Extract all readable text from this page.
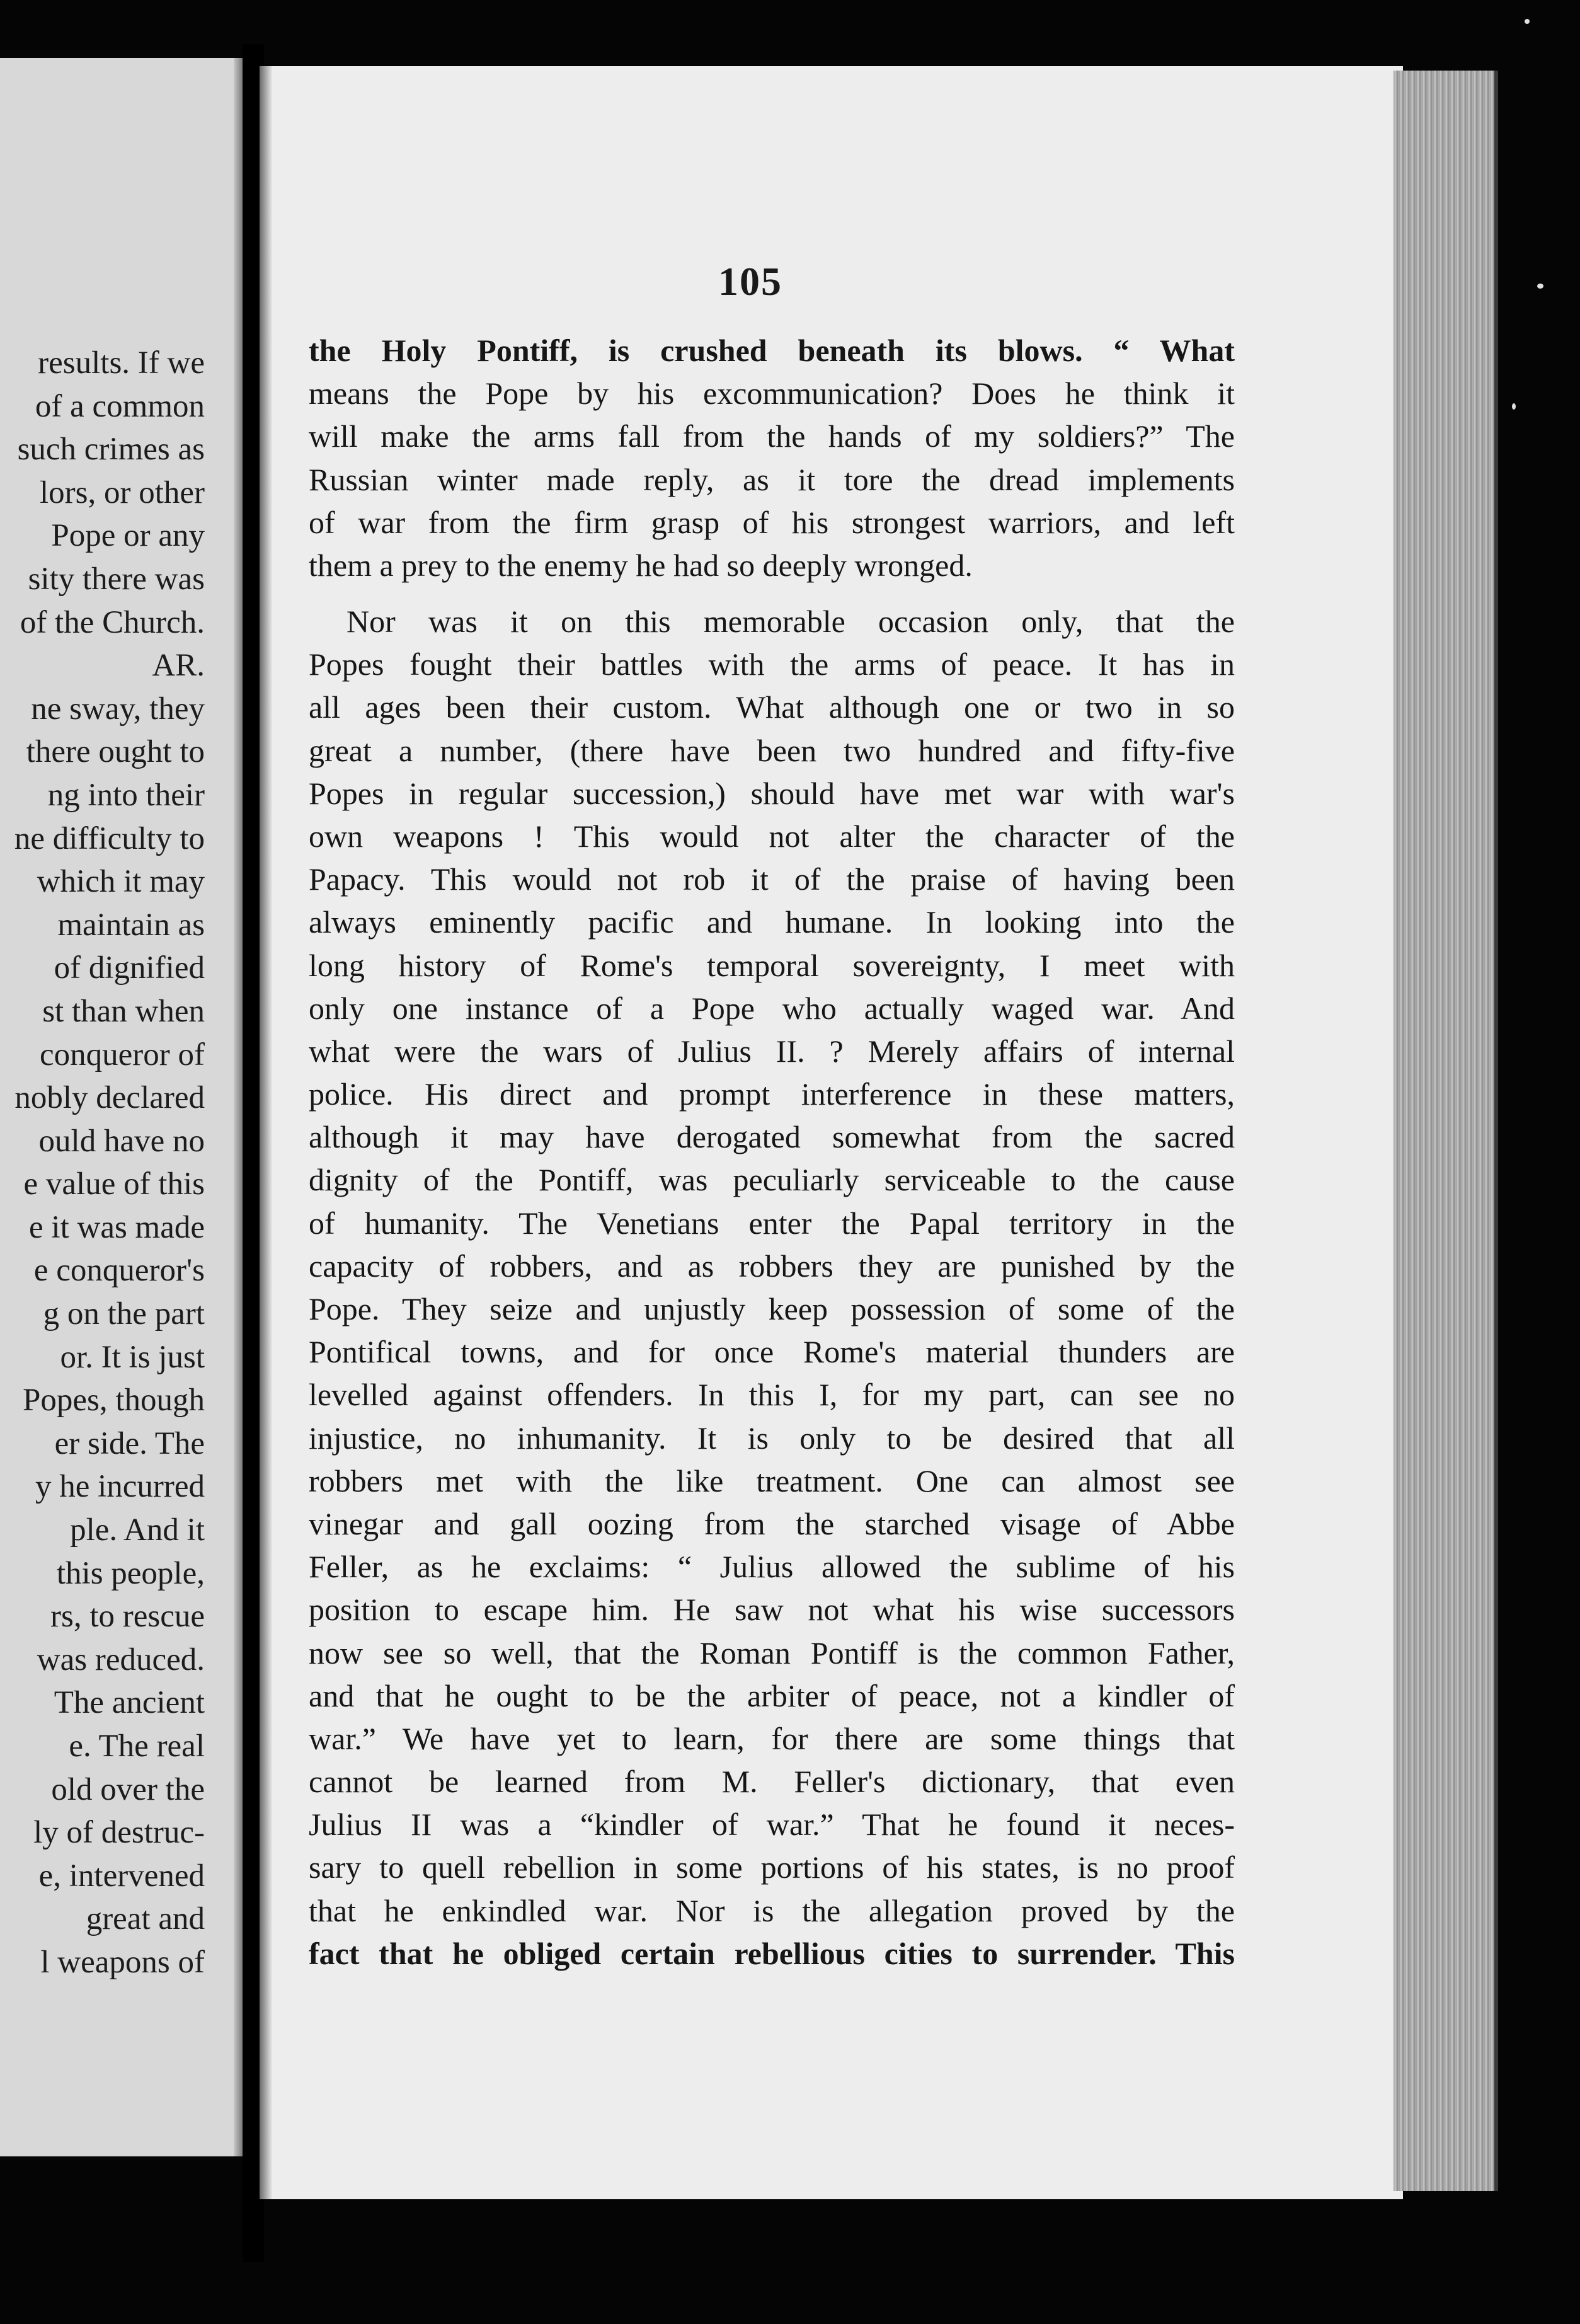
results. If we
of a common
such crimes as
lors, or other
Pope or any
sity there was
of the Church.
AR.
ne sway, they
there ought to
ng into their
ne difficulty to
which it may
maintain as
of dignified
st than when
conqueror of
nobly declared
ould have no
e value of this
e it was made
e conqueror's
g on the part
or. It is just
Popes, though
er side. The
y he incurred
ple. And it
this people,
rs, to rescue
was reduced.
The ancient
e. The real
old over the
ly of destruc-
e, intervened
great and
l weapons of
105
the Holy Pontiff, is crushed beneath its blows. “ What
means the Pope by his excommunication? Does he think it
will make the arms fall from the hands of my soldiers?” The
Russian winter made reply, as it tore the dread implements
of war from the firm grasp of his strongest warriors, and left
them a prey to the enemy he had so deeply wronged.
Nor was it on this memorable occasion only, that the
Popes fought their battles with the arms of peace. It has in
all ages been their custom. What although one or two in so
great a number, (there have been two hundred and fifty-five
Popes in regular succession,) should have met war with war's
own weapons ! This would not alter the character of the
Papacy. This would not rob it of the praise of having been
always eminently pacific and humane. In looking into the
long history of Rome's temporal sovereignty, I meet with
only one instance of a Pope who actually waged war. And
what were the wars of Julius II. ? Merely affairs of internal
police. His direct and prompt interference in these matters,
although it may have derogated somewhat from the sacred
dignity of the Pontiff, was peculiarly serviceable to the cause
of humanity. The Venetians enter the Papal territory in the
capacity of robbers, and as robbers they are punished by the
Pope. They seize and unjustly keep possession of some of the
Pontifical towns, and for once Rome's material thunders are
levelled against offenders. In this I, for my part, can see no
injustice, no inhumanity. It is only to be desired that all
robbers met with the like treatment. One can almost see
vinegar and gall oozing from the starched visage of Abbe
Feller, as he exclaims: “ Julius allowed the sublime of his
position to escape him. He saw not what his wise successors
now see so well, that the Roman Pontiff is the common Father,
and that he ought to be the arbiter of peace, not a kindler of
war.” We have yet to learn, for there are some things that
cannot be learned from M. Feller's dictionary, that even
Julius II was a “kindler of war.” That he found it neces-
sary to quell rebellion in some portions of his states, is no proof
that he enkindled war. Nor is the allegation proved by the
fact that he obliged certain rebellious cities to surrender. This
